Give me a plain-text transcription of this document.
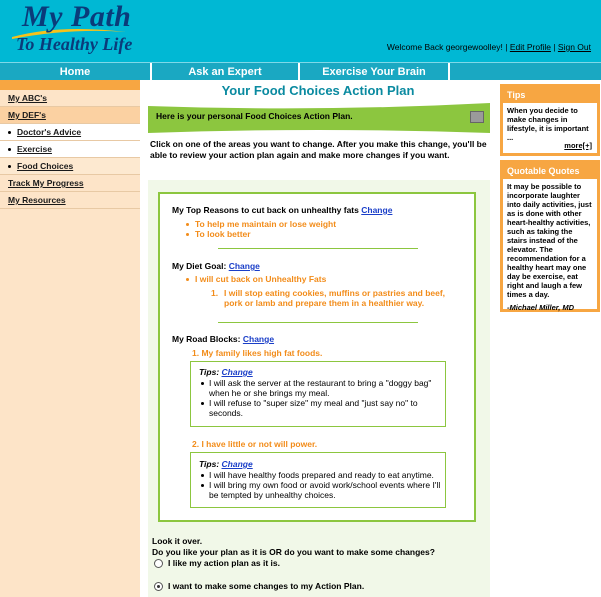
My Path
To Healthy Life	Welcome Back georgewoolley! | Edit Profile | Sign Out
Home	Ask an Expert	Exercise Your Brain
My ABC's
My DEF's
Doctor's Advice
Exercise
Food Choices
Track My Progress
My Resources
Your Food Choices Action Plan
Here is your personal Food Choices Action Plan.
Click on one of the areas you want to change. After you make this change, you'll be able to review your action plan again and make more changes if you want.
My Top Reasons to cut back on unhealthy fats Change
To help me maintain or lose weight
To look better
My Diet Goal: Change
I will cut back on Unhealthy Fats
1. I will stop eating cookies, muffins or pastries and beef,
pork or lamb and prepare them in a healthier way.
My Road Blocks: Change
1. My family likes high fat foods.
Tips: Change
I will ask the server at the restaurant to bring a "doggy bag"
when he or she brings my meal.
I will refuse to "super size" my meal and "just say no" to
seconds.
2. I have little or not will power.
Tips: Change
I will have healthy foods prepared and ready to eat anytime.
I will bring my own food or avoid work/school events where I'll
be tempted by unhealthy choices.
Look it over.
Do you like your plan as it is OR do you want to make some changes?
I like my action plan as it is.
I want to make some changes to my Action Plan.
Tips
When you decide to make changes in lifestyle, it is important ...
more[+]
Quotable Quotes
It may be possible to incorporate laughter into daily activities, just as is done with other heart-healthy activities, such as taking the stairs instead of the elevator. The recommendation for a healthy heart may one day be exercise, eat right and laugh a few times a day.
-Michael Miller, MD
